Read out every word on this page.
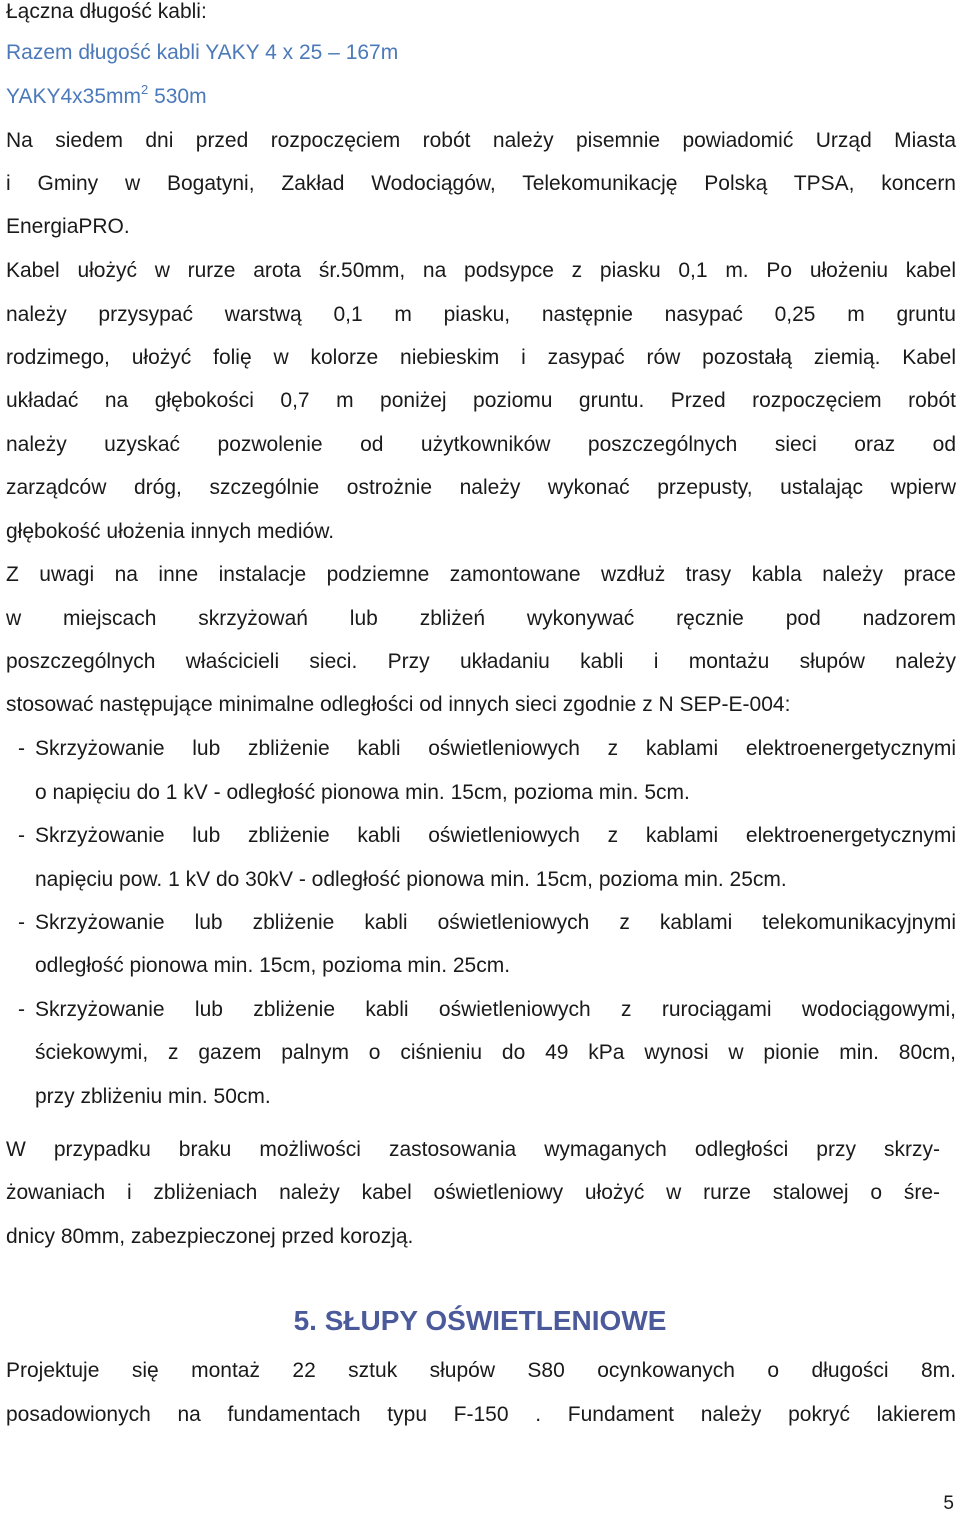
Łączna długość kabli:
Razem długość kabli YAKY 4 x 25 – 167m
$YAKY4x35mm^2$ 530m
Na siedem dni przed rozpoczęciem robót należy pisemnie powiadomić Urząd Miasta
i Gminy w Bogatyni, Zakład Wodociągów, Telekomunikację Polską TPSA, koncern
EnergiaPRO.
Kabel ułożyć w rurze arota śr.50mm, na podsypce z piasku 0,1 m. Po ułożeniu kabel
należy przysypać warstwą 0,1 m piasku, następnie nasypać 0,25 m gruntu
rodzimego, ułożyć folię w kolorze niebieskim i zasypać rów pozostałą ziemią. Kabel
układać na głębokości 0,7 m poniżej poziomu gruntu. Przed rozpoczęciem robót
należy uzyskać pozwolenie od użytkowników poszczególnych sieci oraz od
zarządców dróg, szczególnie ostrożnie należy wykonać przepusty, ustalając wpierw
głębokość ułożenia innych mediów.
Z uwagi na inne instalacje podziemne zamontowane wzdłuż trasy kabla należy prace
w miejscach skrzyżowań lub zbliżeń wykonywać ręcznie pod nadzorem
poszczególnych właścicieli sieci. Przy układaniu kabli i montażu słupów należy
stosować następujące minimalne odległości od innych sieci zgodnie z N SEP-E-004:
- Skrzyżowanie lub zbliżenie kabli oświetleniowych z kablami elektroenergetycznymi
o napięciu do 1 kV - odległość pionowa min. 15cm, pozioma min. 5cm.
- Skrzyżowanie lub zbliżenie kabli oświetleniowych z kablami elektroenergetycznymi
napięciu pow. 1 kV do 30kV - odległość pionowa min. 15cm, pozioma min. 25cm.
- Skrzyżowanie lub zbliżenie kabli oświetleniowych z kablami telekomunikacyjnymi
odległość pionowa min. 15cm, pozioma min. 25cm.
- Skrzyżowanie lub zbliżenie kabli oświetleniowych z rurociągami wodociągowymi,
ściekowymi, z gazem palnym o ciśnieniu do 49 kPa wynosi w pionie min. 80cm,
przy zbliżeniu min. 50cm.
W przypadku braku możliwości zastosowania wymaganych odległości przy skrzy-
żowaniach i zbliżeniach należy kabel oświetleniowy ułożyć w rurze stalowej o śre-
dnicy 80mm, zabezpieczonej przed korozją.
5. SŁUPY OŚWIETLENIOWE
Projektuje się montaż 22 sztuk słupów S80 ocynkowanych o długości 8m.
posadowionych na fundamentach typu F-150 . Fundament należy pokryć lakierem
5
